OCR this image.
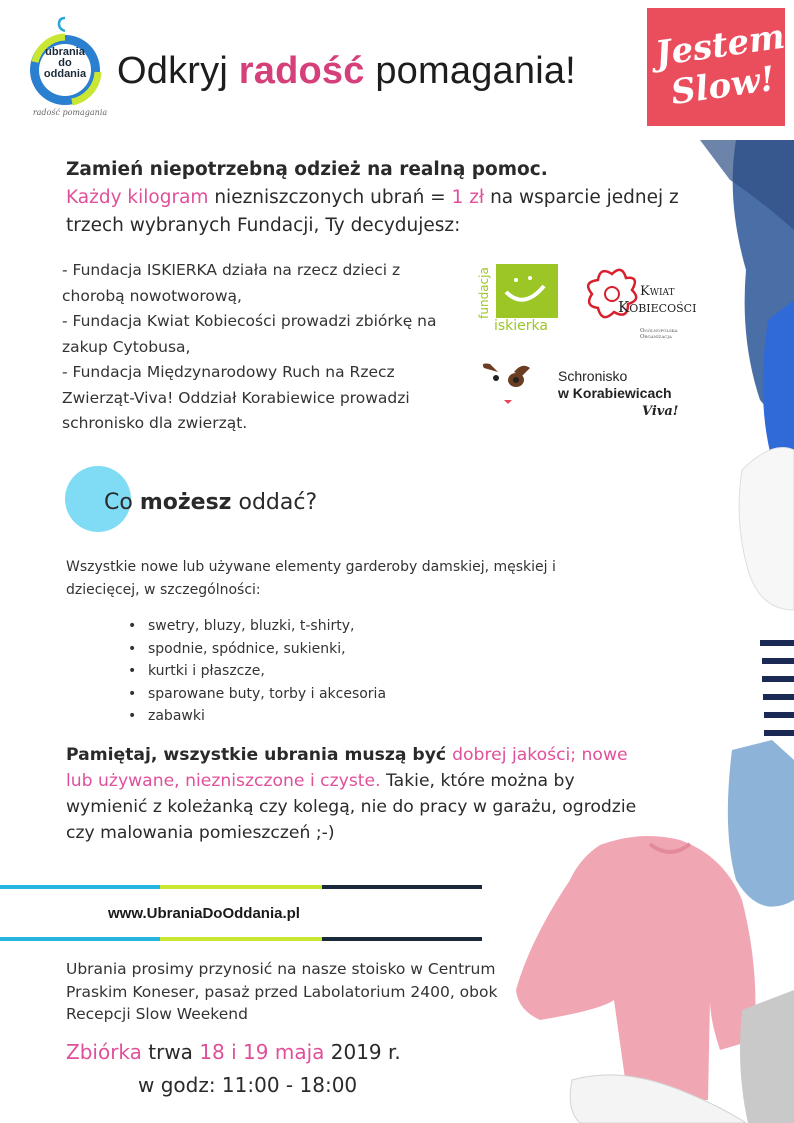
ubrania
do
oddania
radość pomagania
Odkryj radość pomagania! Jestem
Slow!
Zamień niepotrzebną odzież na realną pomoc.
Każdy kilogram niezniszczonych ubrań = 1 zł na wsparcie jednej z trzech wybranych Fundacji, Ty decydujesz:
- Fundacja ISKIERKA działa na rzecz dzieci z chorobą nowotworową,
- Fundacja Kwiat Kobiecości prowadzi zbiórkę na zakup Cytobusa,
- Fundacja Międzynarodowy Ruch na Rzecz Zwierząt-Viva! Oddział Korabiewice prowadzi schronisko dla zwierząt.
fundacja
iskierka
Kwiat
Kobiecości
Ogólnopolska Organizacja
Schronisko
w Korabiewicach
Viva!
Co możesz oddać?
Wszystkie nowe lub używane elementy garderoby damskiej, męskiej i dziecięcej, w szczególności:
• swetry, bluzy, bluzki, t-shirty,
• spodnie, spódnice, sukienki,
• kurtki i płaszcze,
• sparowane buty, torby i akcesoria
• zabawki
Pamiętaj, wszystkie ubrania muszą być dobrej jakości; nowe lub używane, niezniszczone i czyste. Takie, które można by wymienić z koleżanką czy kolegą, nie do pracy w garażu, ogrodzie czy malowania pomieszczeń ;-)
www.UbraniaDoOddania.pl
Ubrania prosimy przynosić na nasze stoisko w Centrum Praskim Koneser, pasaż przed Labolatorium 2400, obok Recepcji Slow Weekend
Zbiórka trwa 18 i 19 maja 2019 r.
w godz: 11:00 - 18:00
